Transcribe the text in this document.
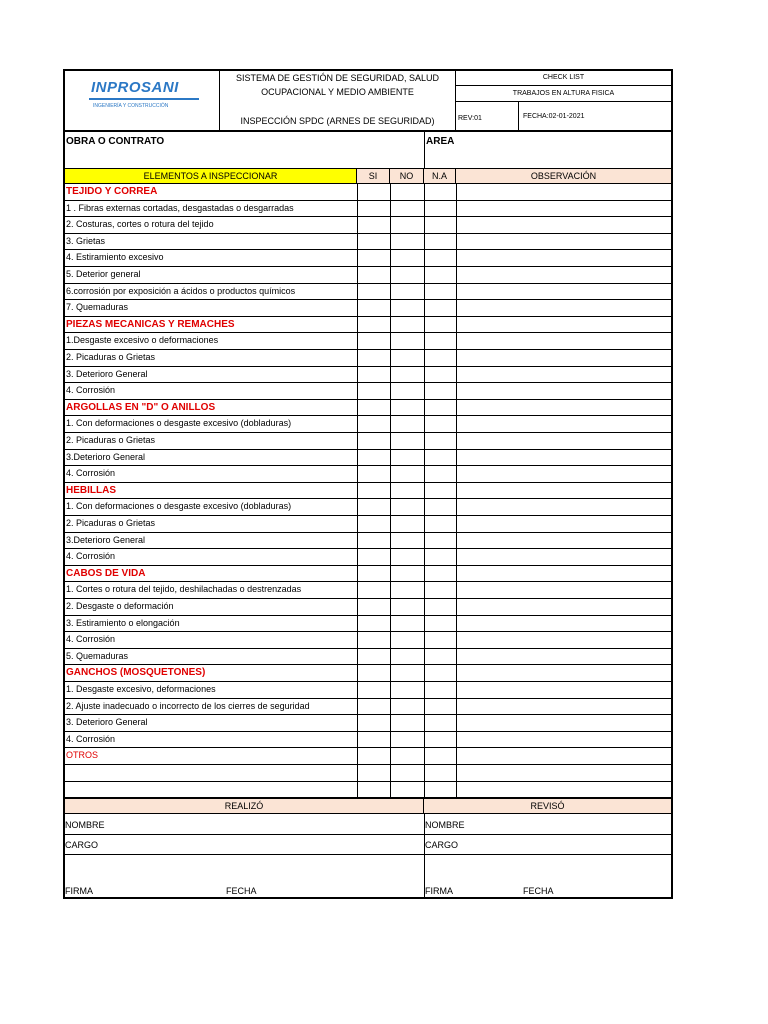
INPROSANI
INGENIERÍA Y CONSTRUCCIÓN
SISTEMA DE GESTIÓN DE SEGURIDAD, SALUD
OCUPACIONAL Y MEDIO AMBIENTE
INSPECCIÓN SPDC (ARNES DE SEGURIDAD)
CHECK LIST
TRABAJOS EN ALTURA FISICA
REV:01	FECHA:02-01-2021
OBRA O CONTRATO	AREA
ELEMENTOS A INSPECCIONAR	SI	NO	N.A	OBSERVACIÓN
TEJIDO Y CORREA
1 . Fibras externas cortadas, desgastadas o desgarradas
2. Costuras, cortes o rotura del tejido
3. Grietas
4. Estiramiento excesivo
5. Deterior general
6.corrosión por exposición a ácidos o productos químicos
7. Quemaduras
PIEZAS MECANICAS Y REMACHES
1.Desgaste excesivo o deformaciones
2. Picaduras o Grietas
3. Deterioro General
4. Corrosión
ARGOLLAS EN "D" O ANILLOS
1. Con deformaciones o desgaste excesivo (dobladuras)
2. Picaduras o Grietas
3.Deterioro General
4. Corrosión
HEBILLAS
1. Con deformaciones o desgaste excesivo (dobladuras)
2. Picaduras o Grietas
3.Deterioro General
4. Corrosión
CABOS DE VIDA
1. Cortes o rotura del tejido, deshilachadas o destrenzadas
2. Desgaste o deformación
3. Estiramiento o elongación
4. Corrosión
5. Quemaduras
GANCHOS (MOSQUETONES)
1. Desgaste excesivo, deformaciones
2. Ajuste inadecuado o incorrecto de los cierres de seguridad
3. Deterioro General
4. Corrosión
OTROS
REALIZÓ	REVISÓ
NOMBRE	NOMBRE
CARGO	CARGO
FIRMA	FECHA	FIRMA	FECHA
